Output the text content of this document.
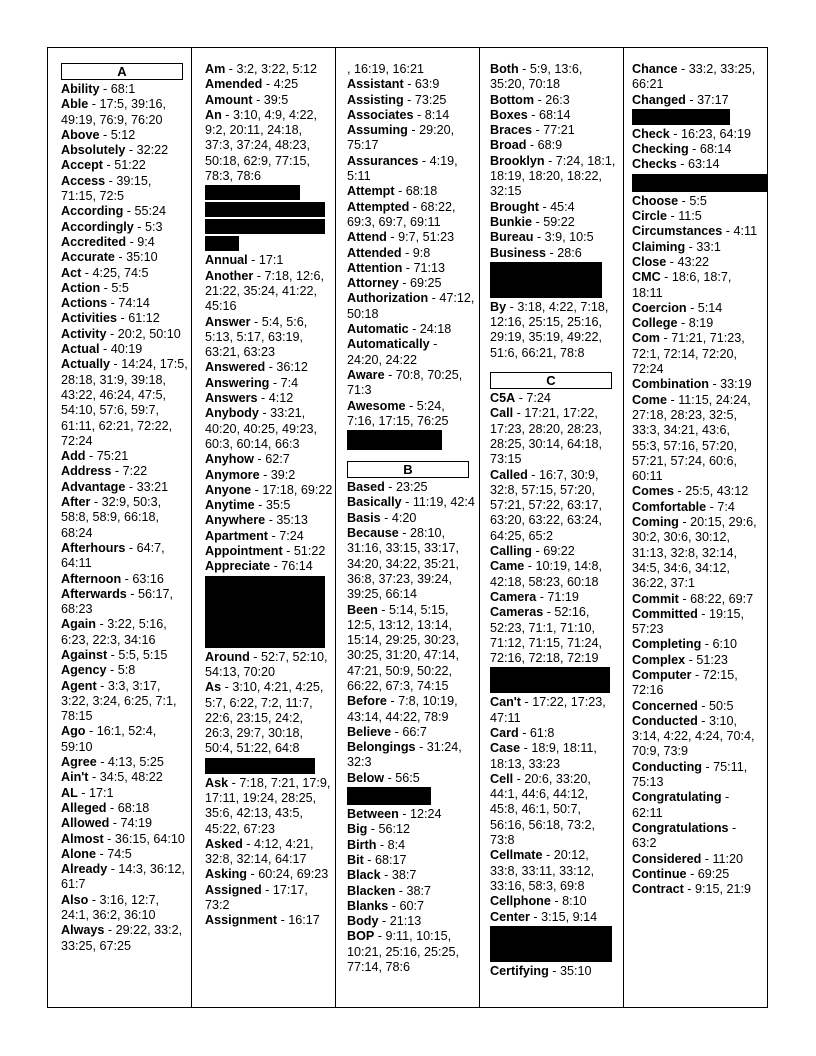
A

Ability - 68:1

Able - 17:5, 39:16, 49:19, 76:9, 76:20

Above - 5:12

Absolutely - 32:22

Accept - 51:22

Access - 39:15, 71:15, 72:5

According - 55:24

Accordingly - 5:3

Accredited - 9:4

Accurate - 35:10

Act - 4:25, 74:5

Action - 5:5

Actions - 74:14

Activities - 61:12

Activity - 20:2, 50:10

Actual - 40:19

Actually - 14:24, 17:5, 28:18, 31:9, 39:18, 43:22, 46:24, 47:5, 54:10, 57:6, 59:7, 61:11, 62:21, 72:22, 72:24

Add - 75:21

Address - 7:22

Advantage - 33:21

After - 32:9, 50:3, 58:8, 58:9, 66:18, 68:24

Afterhours - 64:7, 64:11

Afternoon - 63:16

Afterwards - 56:17, 68:23

Again - 3:22, 5:16, 6:23, 22:3, 34:16

Against - 5:5, 5:15

Agency - 5:8

Agent - 3:3, 3:17, 3:22, 3:24, 6:25, 7:1, 78:15

Ago - 16:1, 52:4, 59:10

Agree - 4:13, 5:25

Ain't - 34:5, 48:22

AL - 17:1

Alleged - 68:18

Allowed - 74:19

Almost - 36:15, 64:10

Alone - 74:5

Already - 14:3, 36:12, 61:7

Also - 3:16, 12:7, 24:1, 36:2, 36:10

Always - 29:22, 33:2, 33:25, 67:25

Am - 3:2, 3:22, 5:12

Amended - 4:25

Amount - 39:5

An - 3:10, 4:9, 4:22, 9:2, 20:11, 24:18, 37:3, 37:24, 48:23, 50:18, 62:9, 77:15, 78:3, 78:6

Annual - 17:1

Another - 7:18, 12:6, 21:22, 35:24, 41:22, 45:16

Answer - 5:4, 5:6, 5:13, 5:17, 63:19, 63:21, 63:23

Answered - 36:12

Answering - 7:4

Answers - 4:12

Anybody - 33:21, 40:20, 40:25, 49:23, 60:3, 60:14, 66:3

Anyhow - 62:7

Anymore - 39:2

Anyone - 17:18, 69:22

Anytime - 35:5

Anywhere - 35:13

Apartment - 7:24

Appointment - 51:22

Appreciate - 76:14

Around - 52:7, 52:10, 54:13, 70:20

As - 3:10, 4:21, 4:25, 5:7, 6:22, 7:2, 11:7, 22:6, 23:15, 24:2, 26:3, 29:7, 30:18, 50:4, 51:22, 64:8

Ask - 7:18, 7:21, 17:9, 17:11, 19:24, 28:25, 35:6, 42:13, 43:5, 45:22, 67:23

Asked - 4:12, 4:21, 32:8, 32:14, 64:17

Asking - 60:24, 69:23

Assigned - 17:17, 73:2

Assignment - 16:17

, 16:19, 16:21

Assistant - 63:9

Assisting - 73:25

Associates - 8:14

Assuming - 29:20, 75:17

Assurances - 4:19, 5:11

Attempt - 68:18

Attempted - 68:22, 69:3, 69:7, 69:11

Attend - 9:7, 51:23

Attended - 9:8

Attention - 71:13

Attorney - 69:25

Authorization - 47:12, 50:18

Automatic - 24:18

Automatically - 24:20, 24:22

Aware - 70:8, 70:25, 71:3

Awesome - 5:24, 7:16, 17:15, 76:25

B

Based - 23:25

Basically - 11:19, 42:4

Basis - 4:20

Because - 28:10, 31:16, 33:15, 33:17, 34:20, 34:22, 35:21, 36:8, 37:23, 39:24, 39:25, 66:14

Been - 5:14, 5:15, 12:5, 13:12, 13:14, 15:14, 29:25, 30:23, 30:25, 31:20, 47:14, 47:21, 50:9, 50:22, 66:22, 67:3, 74:15

Before - 7:8, 10:19, 43:14, 44:22, 78:9

Believe - 66:7

Belongings - 31:24, 32:3

Below - 56:5

Between - 12:24

Big - 56:12

Birth - 8:4

Bit - 68:17

Black - 38:7

Blacken - 38:7

Blanks - 60:7

Body - 21:13

BOP - 9:11, 10:15, 10:21, 25:16, 25:25, 77:14, 78:6

Both - 5:9, 13:6, 35:20, 70:18

Bottom - 26:3

Boxes - 68:14

Braces - 77:21

Broad - 68:9

Brooklyn - 7:24, 18:1, 18:19, 18:20, 18:22, 32:15

Brought - 45:4

Bunkie - 59:22

Bureau - 3:9, 10:5

Business - 28:6

By - 3:18, 4:22, 7:18, 12:16, 25:15, 25:16, 29:19, 35:19, 49:22, 51:6, 66:21, 78:8

C

C5A - 7:24

Call - 17:21, 17:22, 17:23, 28:20, 28:23, 28:25, 30:14, 64:18, 73:15

Called - 16:7, 30:9, 32:8, 57:15, 57:20, 57:21, 57:22, 63:17, 63:20, 63:22, 63:24, 64:25, 65:2

Calling - 69:22

Came - 10:19, 14:8, 42:18, 58:23, 60:18

Camera - 71:19

Cameras - 52:16, 52:23, 71:1, 71:10, 71:12, 71:15, 71:24, 72:16, 72:18, 72:19

Can't - 17:22, 17:23, 47:11

Card - 61:8

Case - 18:9, 18:11, 18:13, 33:23

Cell - 20:6, 33:20, 44:1, 44:6, 44:12, 45:8, 46:1, 50:7, 56:16, 56:18, 73:2, 73:8

Cellmate - 20:12, 33:8, 33:11, 33:12, 33:16, 58:3, 69:8

Cellphone - 8:10

Center - 3:15, 9:14

Certifying - 35:10

Chance - 33:2, 33:25, 66:21

Changed - 37:17

Check - 16:23, 64:19

Checking - 68:14

Checks - 63:14

Choose - 5:5

Circle - 11:5

Circumstances - 4:11

Claiming - 33:1

Close - 43:22

CMC - 18:6, 18:7, 18:11

Coercion - 5:14

College - 8:19

Com - 71:21, 71:23, 72:1, 72:14, 72:20, 72:24

Combination - 33:19

Come - 11:15, 24:24, 27:18, 28:23, 32:5, 33:3, 34:21, 43:6, 55:3, 57:16, 57:20, 57:21, 57:24, 60:6, 60:11

Comes - 25:5, 43:12

Comfortable - 7:4

Coming - 20:15, 29:6, 30:2, 30:6, 30:12, 31:13, 32:8, 32:14, 34:5, 34:6, 34:12, 36:22, 37:1

Commit - 68:22, 69:7

Committed - 19:15, 57:23

Completing - 6:10

Complex - 51:23

Computer - 72:15, 72:16

Concerned - 50:5

Conducted - 3:10, 3:14, 4:22, 4:24, 70:4, 70:9, 73:9

Conducting - 75:11, 75:13

Congratulating - 62:11

Congratulations - 63:2

Considered - 11:20

Continue - 69:25

Contract - 9:15, 21:9
